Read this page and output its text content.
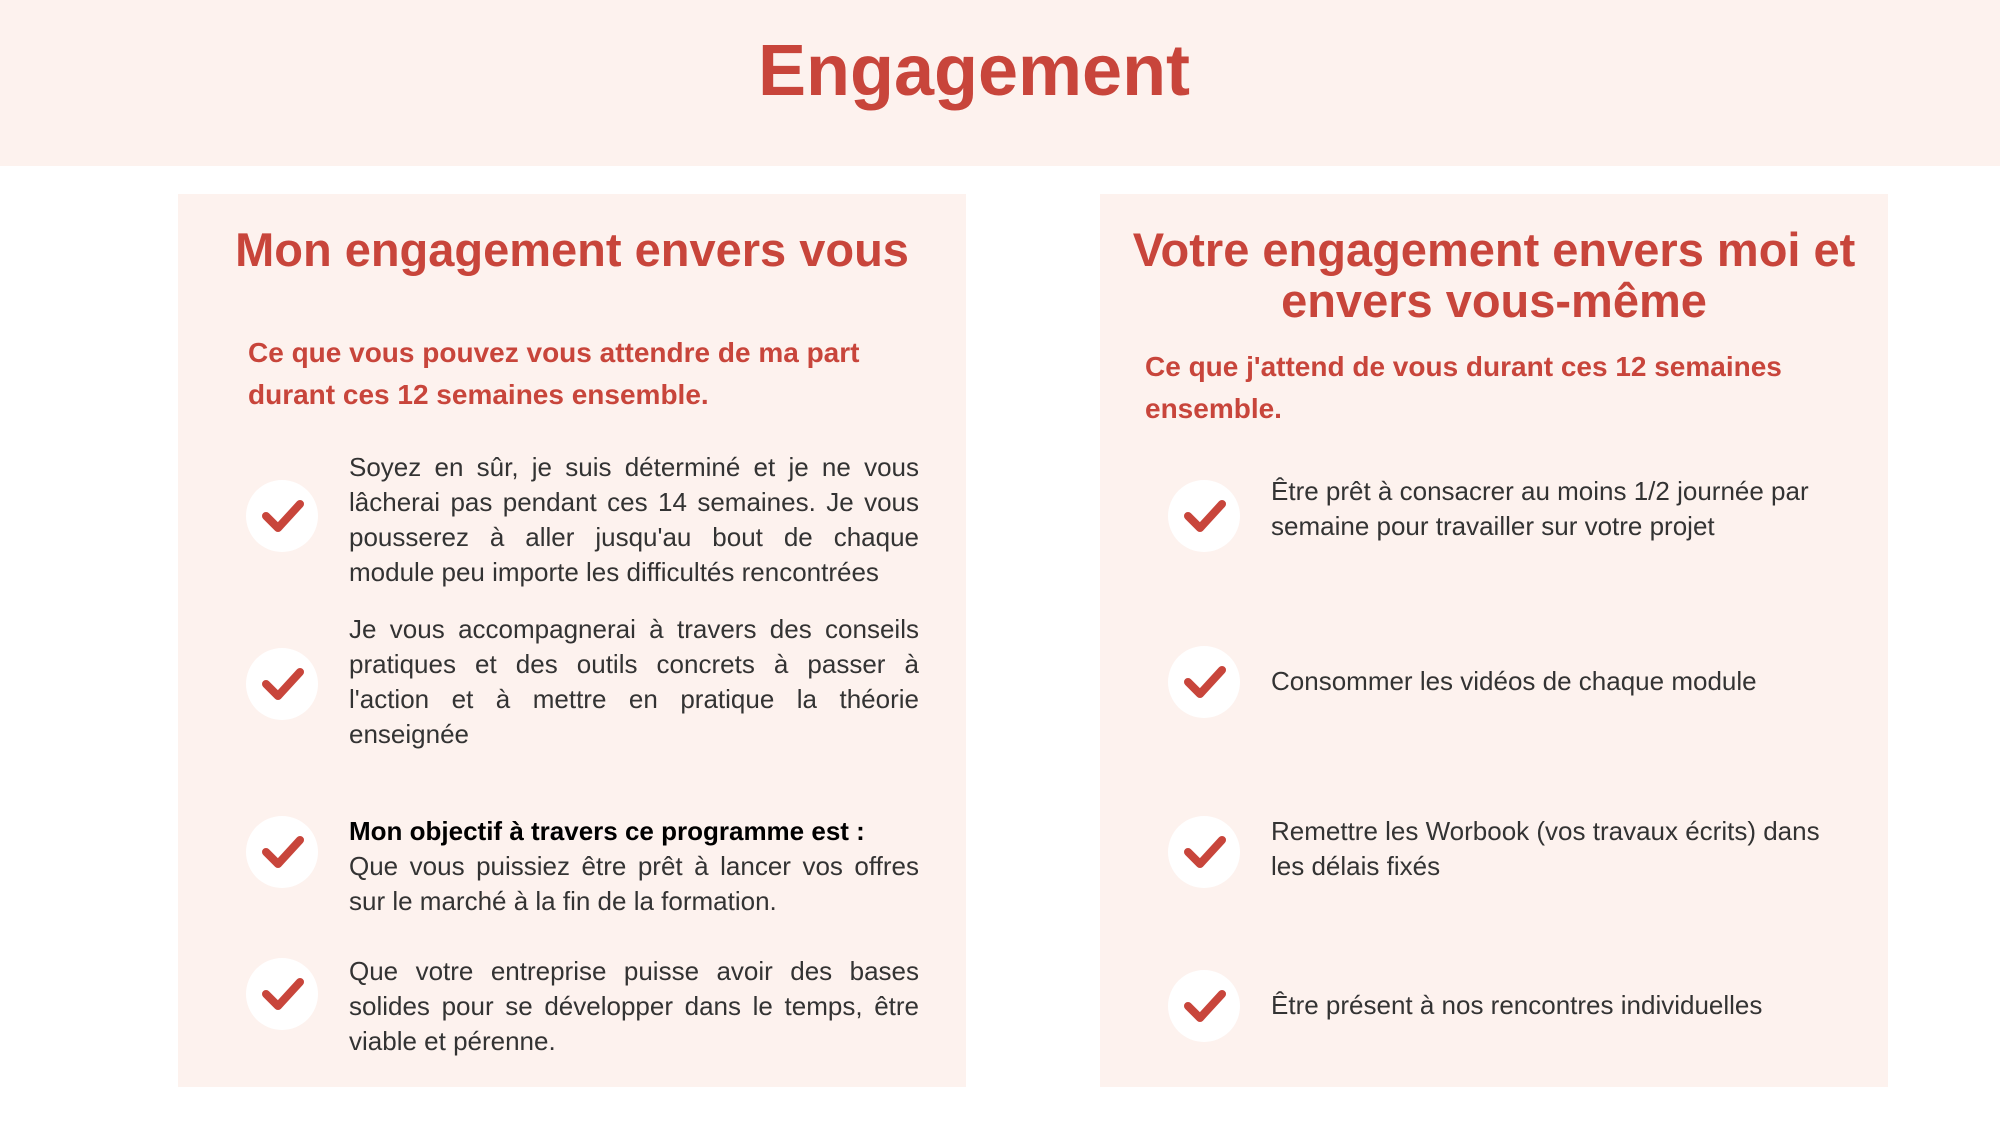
Engagement
Mon engagement envers vous
Ce que vous pouvez vous attendre de ma part durant ces 12 semaines ensemble.
Soyez en sûr, je suis déterminé et je ne vous lâcherai pas pendant ces 14 semaines. Je vous pousserez à aller jusqu'au bout de chaque module peu importe les difficultés rencontrées
Je vous accompagnerai à travers des conseils pratiques et des outils concrets à passer à l'action et à mettre en pratique la théorie enseignée
Mon objectif à travers ce programme est :
Que vous puissiez être prêt à lancer vos offres sur le marché à la fin de la formation.
Que votre entreprise puisse avoir des bases solides pour se développer dans le temps, être viable et pérenne.
Votre engagement envers moi et envers vous-même
Ce que j'attend de vous durant ces 12 semaines ensemble.
Être prêt à consacrer au moins 1/2 journée par semaine pour travailler sur votre projet
Consommer les vidéos de chaque module
Remettre les Worbook (vos travaux écrits) dans les délais fixés
Être présent à nos rencontres individuelles
